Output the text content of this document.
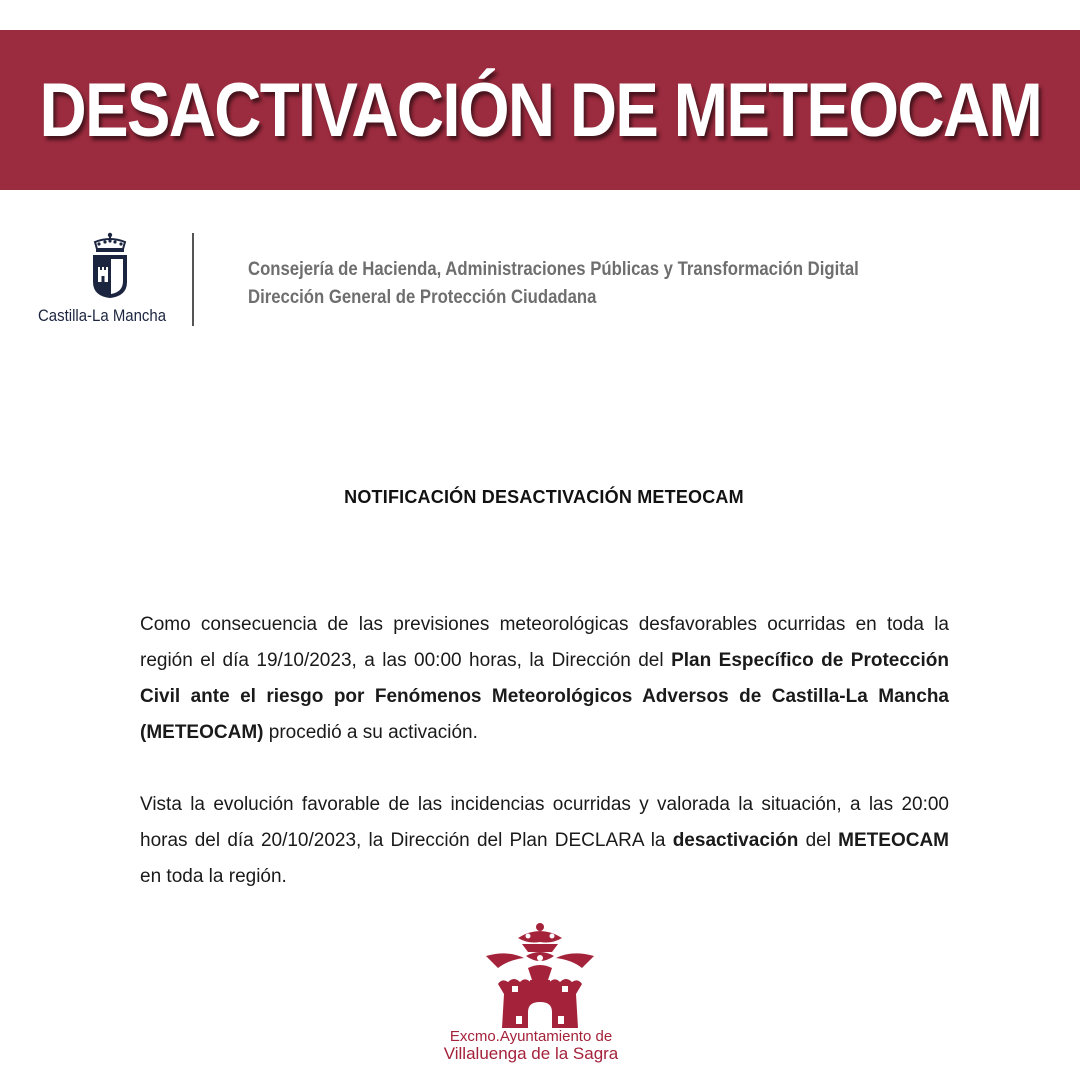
DESACTIVACIÓN DE METEOCAM
Castilla-La Mancha
Consejería de Hacienda, Administraciones Públicas y Transformación Digital
Dirección General de Protección Ciudadana
NOTIFICACIÓN DESACTIVACIÓN METEOCAM
Como consecuencia de las previsiones meteorológicas desfavorables ocurridas en toda la región el día 19/10/2023, a las 00:00 horas, la Dirección del Plan Específico de Protección Civil ante el riesgo por Fenómenos Meteorológicos Adversos de Castilla-La Mancha (METEOCAM) procedió a su activación.
Vista la evolución favorable de las incidencias ocurridas y valorada la situación, a las 20:00 horas del día 20/10/2023, la Dirección del Plan DECLARA la desactivación del METEOCAM en toda la región.
Excmo.Ayuntamiento de
Villaluenga de la Sagra
